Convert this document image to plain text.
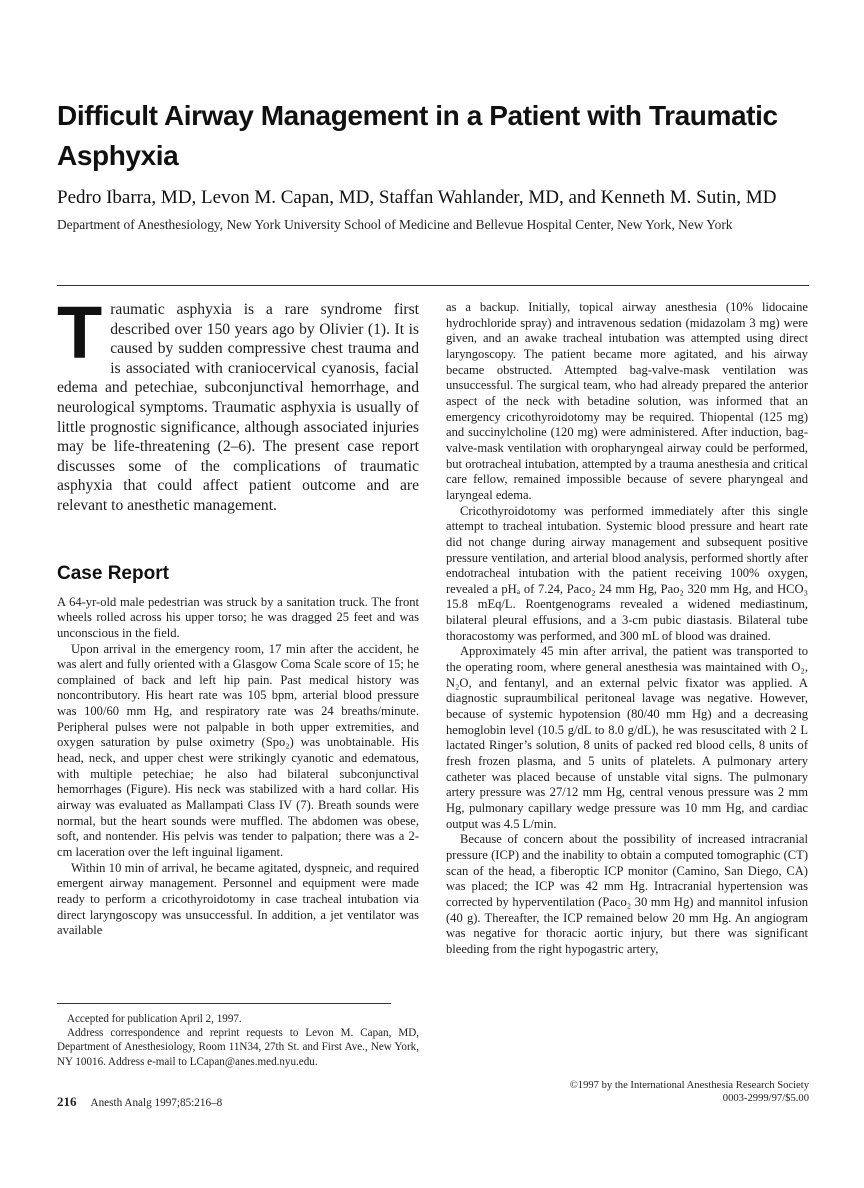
Difficult Airway Management in a Patient with Traumatic Asphyxia

Pedro Ibarra, MD, Levon M. Capan, MD, Staffan Wahlander, MD, and Kenneth M. Sutin, MD

Department of Anesthesiology, New York University School of Medicine and Bellevue Hospital Center, New York, New York

Traumatic asphyxia is a rare syndrome first described over 150 years ago by Olivier (1). It is caused by sudden compressive chest trauma and is associated with craniocervical cyanosis, facial edema and petechiae, subconjunctival hemorrhage, and neurological symptoms. Traumatic asphyxia is usually of little prognostic significance, although associated injuries may be life-threatening (2–6). The present case report discusses some of the complications of traumatic asphyxia that could affect patient outcome and are relevant to anesthetic management.

Case Report

A 64-yr-old male pedestrian was struck by a sanitation truck. The front wheels rolled across his upper torso; he was dragged 25 feet and was unconscious in the field.

Upon arrival in the emergency room, 17 min after the accident, he was alert and fully oriented with a Glasgow Coma Scale score of 15; he complained of back and left hip pain. Past medical history was noncontributory. His heart rate was 105 bpm, arterial blood pressure was 100/60 mm Hg, and respiratory rate was 24 breaths/minute. Peripheral pulses were not palpable in both upper extremities, and oxygen saturation by pulse oximetry (Spo₂) was unobtainable. His head, neck, and upper chest were strikingly cyanotic and edematous, with multiple petechiae; he also had bilateral subconjunctival hemorrhages (Figure). His neck was stabilized with a hard collar. His airway was evaluated as Mallampati Class IV (7). Breath sounds were normal, but the heart sounds were muffled. The abdomen was obese, soft, and nontender. His pelvis was tender to palpation; there was a 2-cm laceration over the left inguinal ligament.

Within 10 min of arrival, he became agitated, dyspneic, and required emergent airway management. Personnel and equipment were made ready to perform a cricothyroidotomy in case tracheal intubation via direct laryngoscopy was unsuccessful. In addition, a jet ventilator was available

as a backup. Initially, topical airway anesthesia (10% lidocaine hydrochloride spray) and intravenous sedation (midazolam 3 mg) were given, and an awake tracheal intubation was attempted using direct laryngoscopy. The patient became more agitated, and his airway became obstructed. Attempted bag-valve-mask ventilation was unsuccessful. The surgical team, who had already prepared the anterior aspect of the neck with betadine solution, was informed that an emergency cricothyroidotomy may be required. Thiopental (125 mg) and succinylcholine (120 mg) were administered. After induction, bag-valve-mask ventilation with oropharyngeal airway could be performed, but orotracheal intubation, attempted by a trauma anesthesia and critical care fellow, remained impossible because of severe pharyngeal and laryngeal edema.

Cricothyroidotomy was performed immediately after this single attempt to tracheal intubation. Systemic blood pressure and heart rate did not change during airway management and subsequent positive pressure ventilation, and arterial blood analysis, performed shortly after endotracheal intubation with the patient receiving 100% oxygen, revealed a pHₐ of 7.24, Paco₂ 24 mm Hg, Pao₂ 320 mm Hg, and HCO₃ 15.8 mEq/L. Roentgenograms revealed a widened mediastinum, bilateral pleural effusions, and a 3-cm pubic diastasis. Bilateral tube thoracostomy was performed, and 300 mL of blood was drained.

Approximately 45 min after arrival, the patient was transported to the operating room, where general anesthesia was maintained with O₂, N₂O, and fentanyl, and an external pelvic fixator was applied. A diagnostic supraumbilical peritoneal lavage was negative. However, because of systemic hypotension (80/40 mm Hg) and a decreasing hemoglobin level (10.5 g/dL to 8.0 g/dL), he was resuscitated with 2 L lactated Ringer’s solution, 8 units of packed red blood cells, 8 units of fresh frozen plasma, and 5 units of platelets. A pulmonary artery catheter was placed because of unstable vital signs. The pulmonary artery pressure was 27/12 mm Hg, central venous pressure was 2 mm Hg, pulmonary capillary wedge pressure was 10 mm Hg, and cardiac output was 4.5 L/min.

Because of concern about the possibility of increased intracranial pressure (ICP) and the inability to obtain a computed tomographic (CT) scan of the head, a fiberoptic ICP monitor (Camino, San Diego, CA) was placed; the ICP was 42 mm Hg. Intracranial hypertension was corrected by hyperventilation (Paco₂ 30 mm Hg) and mannitol infusion (40 g). Thereafter, the ICP remained below 20 mm Hg. An angiogram was negative for thoracic aortic injury, but there was significant bleeding from the right hypogastric artery,

Accepted for publication April 2, 1997.

Address correspondence and reprint requests to Levon M. Capan, MD, Department of Anesthesiology, Room 11N34, 27th St. and First Ave., New York, NY 10016. Address e-mail to LCapan@anes.med.nyu.edu.

216 Anesth Analg 1997;85:216–8
©1997 by the International Anesthesia Research Society
0003-2999/97/$5.00
